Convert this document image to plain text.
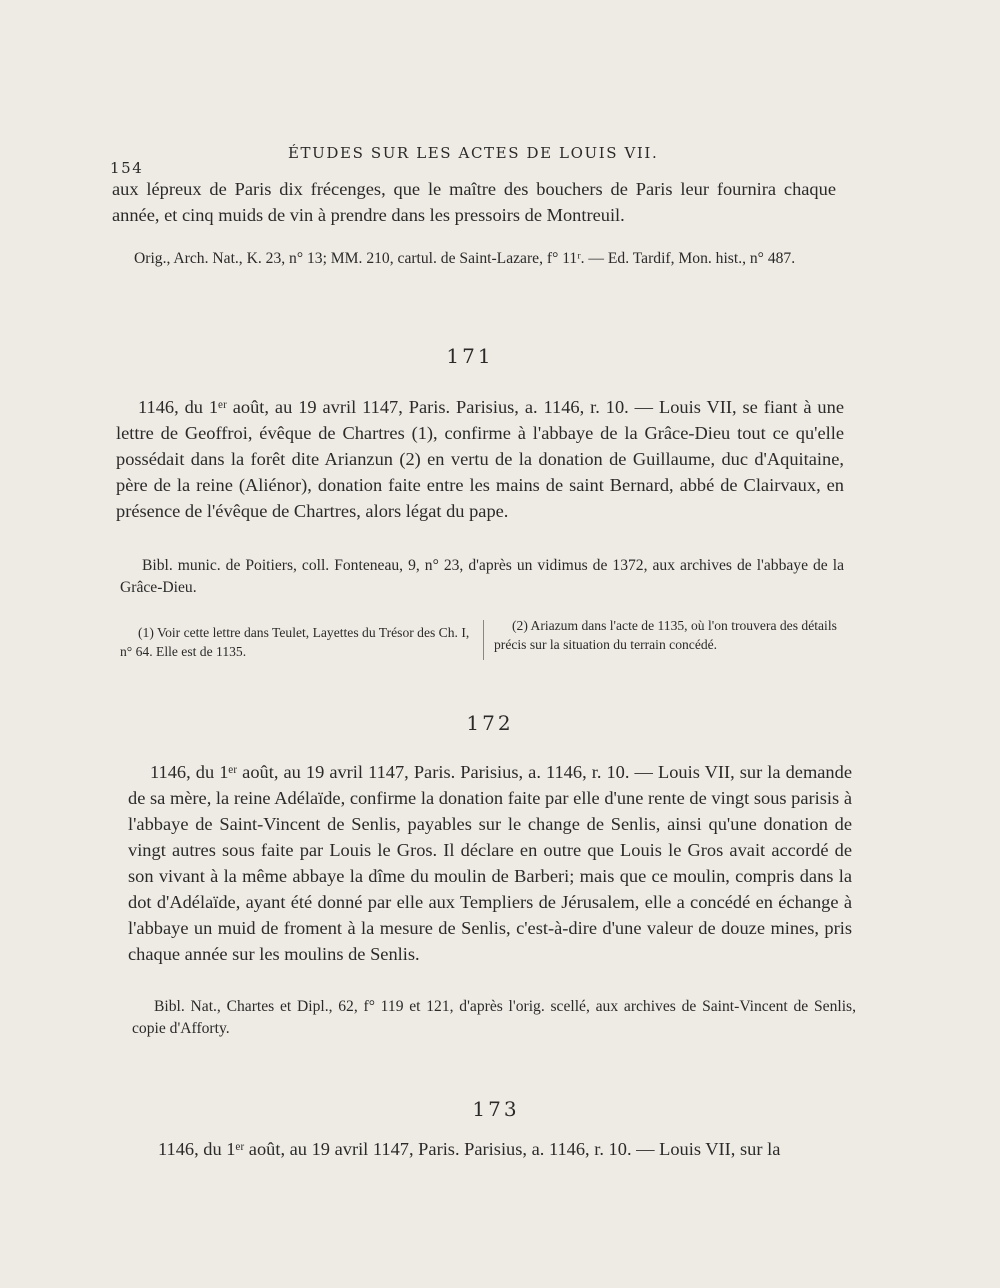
154
ÉTUDES SUR LES ACTES DE LOUIS VII.
aux lépreux de Paris dix frécenges, que le maître des bouchers de Paris leur fournira chaque année, et cinq muids de vin à prendre dans les pressoirs de Montreuil.
Orig., Arch. Nat., K. 23, n° 13; MM. 210, cartul. de Saint-Lazare, f° 11ʳ. — Ed. Tardif, Mon. hist., n° 487.
171
1146, du 1ᵉʳ août, au 19 avril 1147, Paris. Parisius, a. 1146, r. 10. — Louis VII, se fiant à une lettre de Geoffroi, évêque de Chartres (1), confirme à l'abbaye de la Grâce-Dieu tout ce qu'elle possédait dans la forêt dite Arianzun (2) en vertu de la donation de Guillaume, duc d'Aquitaine, père de la reine (Aliénor), donation faite entre les mains de saint Bernard, abbé de Clairvaux, en présence de l'évêque de Chartres, alors légat du pape.
Bibl. munic. de Poitiers, coll. Fonteneau, 9, n° 23, d'après un vidimus de 1372, aux archives de l'abbaye de la Grâce-Dieu.
(1) Voir cette lettre dans Teulet, Layettes du Trésor des Ch. I, n° 64. Elle est de 1135.
(2) Ariazum dans l'acte de 1135, où l'on trouvera des détails précis sur la situation du terrain concédé.
172
1146, du 1ᵉʳ août, au 19 avril 1147, Paris. Parisius, a. 1146, r. 10. — Louis VII, sur la demande de sa mère, la reine Adélaïde, confirme la donation faite par elle d'une rente de vingt sous parisis à l'abbaye de Saint-Vincent de Senlis, payables sur le change de Senlis, ainsi qu'une donation de vingt autres sous faite par Louis le Gros. Il déclare en outre que Louis le Gros avait accordé de son vivant à la même abbaye la dîme du moulin de Barberi; mais que ce moulin, compris dans la dot d'Adélaïde, ayant été donné par elle aux Templiers de Jérusalem, elle a concédé en échange à l'abbaye un muid de froment à la mesure de Senlis, c'est-à-dire d'une valeur de douze mines, pris chaque année sur les moulins de Senlis.
Bibl. Nat., Chartes et Dipl., 62, f° 119 et 121, d'après l'orig. scellé, aux archives de Saint-Vincent de Senlis, copie d'Afforty.
173
1146, du 1ᵉʳ août, au 19 avril 1147, Paris. Parisius, a. 1146, r. 10. — Louis VII, sur la
